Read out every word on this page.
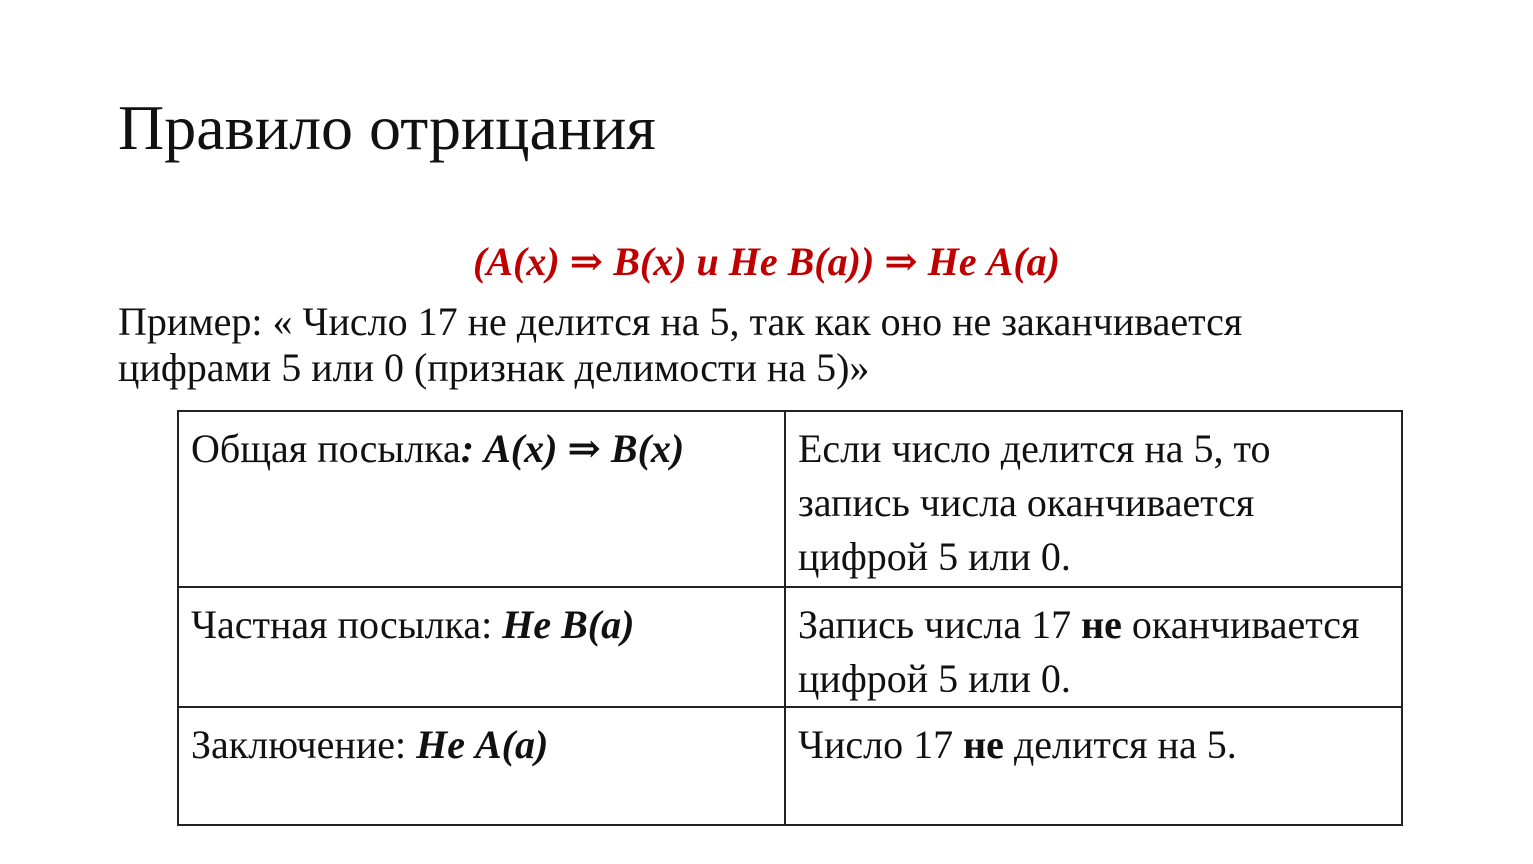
Правило отрицания
(А(х) ⇒ В(х) и Не В(а)) ⇒ Не А(а)

Пример: « Число 17 не делится на 5, так как оно не заканчивается
цифрами 5 или 0 (признак делимости на 5)»

Общая посылка: А(х) ⇒ В(х)	Если число делится на 5, то запись числа оканчивается цифрой 5 или 0.
Частная посылка: Не В(а)	Запись числа 17 не оканчивается цифрой 5 или 0.
Заключение: Не А(а)	Число 17 не делится на 5.
